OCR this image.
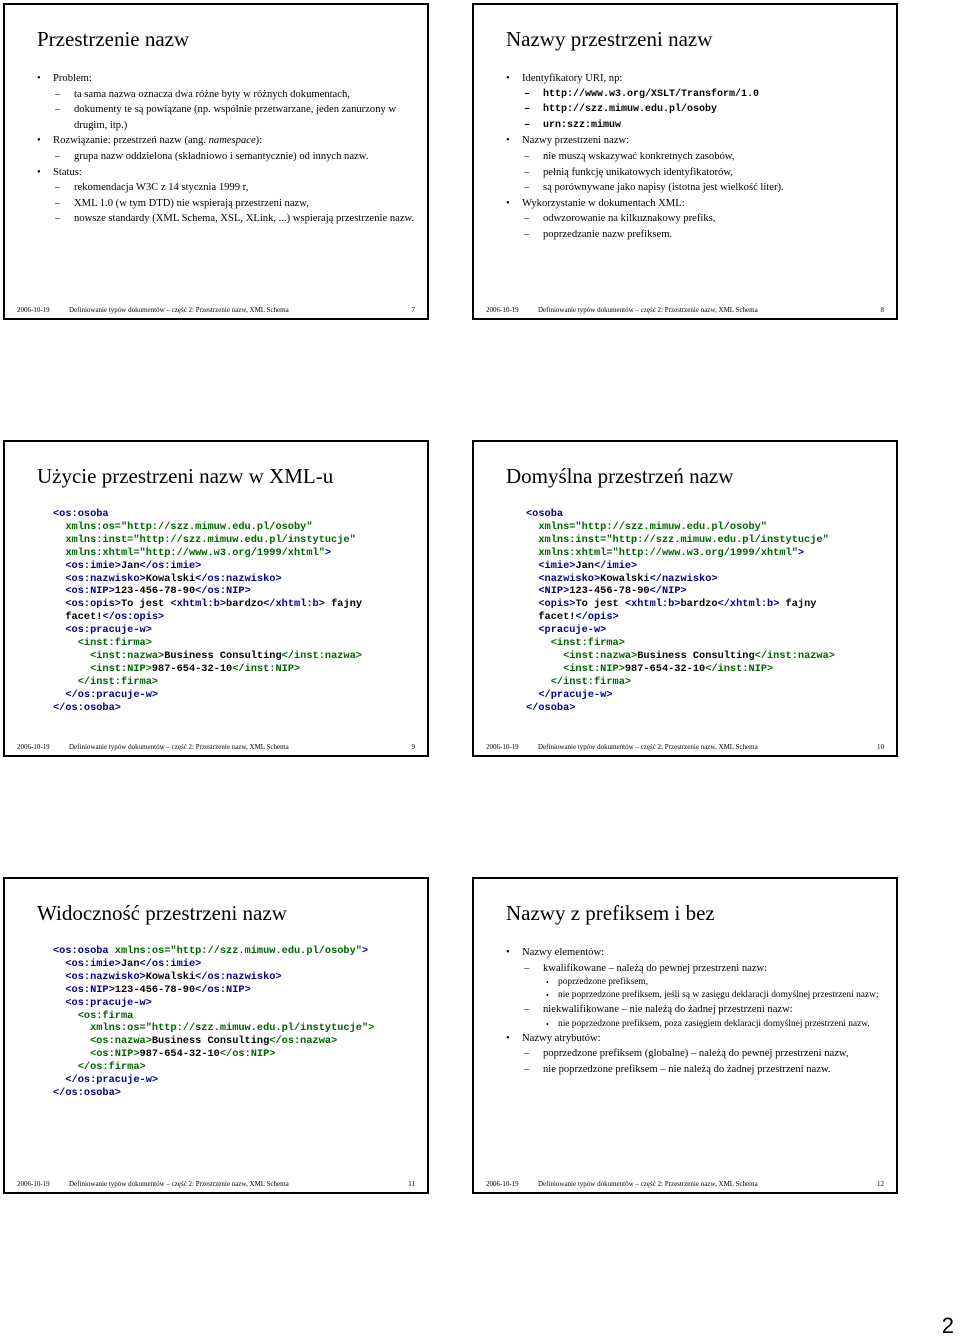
Przestrzenie nazw
• Problem:
– ta sama nazwa oznacza dwa różne byty w różnych dokumentach,
– dokumenty te są powiązane (np. wspólnie przetwarzane, jeden zanurzony w drugim, itp.)
• Rozwiązanie: przestrzeń nazw (ang. namespace):
– grupa nazw oddzielona (składniowo i semantycznie) od innych nazw.
• Status:
– rekomendacja W3C z 14 stycznia 1999 r,
– XML 1.0 (w tym DTD) nie wspierają przestrzeni nazw,
– nowsze standardy (XML Schema, XSL, XLink, ...) wspierają przestrzenie nazw.
2006-10-19	Definiowanie typów dokumentów – część 2: Przestrzenie nazw, XML Schema	7
Nazwy przestrzeni nazw
• Identyfikatory URI, np:
– http://www.w3.org/XSLT/Transform/1.0
– http://szz.mimuw.edu.pl/osoby
– urn:szz:mimuw
• Nazwy przestrzeni nazw:
– nie muszą wskazywać konkretnych zasobów,
– pełnią funkcję unikatowych identyfikatorów,
– są porównywane jako napisy (istotna jest wielkość liter).
• Wykorzystanie w dokumentach XML:
– odwzorowanie na kilkuznakowy prefiks,
– poprzedzanie nazw prefiksem.
2006-10-19	Definiowanie typów dokumentów – część 2: Przestrzenie nazw, XML Schema	8
Użycie przestrzeni nazw w XML-u
<os:osoba
xmlns:os="http://szz.mimuw.edu.pl/osoby"
xmlns:inst="http://szz.mimuw.edu.pl/instytucje"
xmlns:xhtml="http://www.w3.org/1999/xhtml">
<os:imie>Jan</os:imie>
<os:nazwisko>Kowalski</os:nazwisko>
<os:NIP>123-456-78-90</os:NIP>
<os:opis>To jest <xhtml:b>bardzo</xhtml:b> fajny
facet!</os:opis>
<os:pracuje-w>
<inst:firma>
<inst:nazwa>Business Consulting</inst:nazwa>
<inst:NIP>987-654-32-10</inst:NIP>
</inst:firma>
</os:pracuje-w>
</os:osoba>
2006-10-19	Definiowanie typów dokumentów – część 2: Przestrzenie nazw, XML Schema	9
Domyślna przestrzeń nazw
<osoba
xmlns="http://szz.mimuw.edu.pl/osoby"
xmlns:inst="http://szz.mimuw.edu.pl/instytucje"
xmlns:xhtml="http://www.w3.org/1999/xhtml">
<imie>Jan</imie>
<nazwisko>Kowalski</nazwisko>
<NIP>123-456-78-90</NIP>
<opis>To jest <xhtml:b>bardzo</xhtml:b> fajny
facet!</opis>
<pracuje-w>
<inst:firma>
<inst:nazwa>Business Consulting</inst:nazwa>
<inst:NIP>987-654-32-10</inst:NIP>
</inst:firma>
</pracuje-w>
</osoba>
2006-10-19	Definiowanie typów dokumentów – część 2: Przestrzenie nazw, XML Schema	10
Widoczność przestrzeni nazw
<os:osoba xmlns:os="http://szz.mimuw.edu.pl/osoby">
<os:imie>Jan</os:imie>
<os:nazwisko>Kowalski</os:nazwisko>
<os:NIP>123-456-78-90</os:NIP>
<os:pracuje-w>
<os:firma
xmlns:os="http://szz.mimuw.edu.pl/instytucje">
<os:nazwa>Business Consulting</os:nazwa>
<os:NIP>987-654-32-10</os:NIP>
</os:firma>
</os:pracuje-w>
</os:osoba>
2006-10-19	Definiowanie typów dokumentów – część 2: Przestrzenie nazw, XML Schema	11
Nazwy z prefiksem i bez
• Nazwy elementów:
– kwalifikowane – należą do pewnej przestrzeni nazw:
• poprzedzone prefiksem,
• nie poprzedzone prefiksem, jeśli są w zasięgu deklaracji domyślnej przestrzeni nazw;
– niekwalifikowane – nie należą do żadnej przestrzeni nazw:
• nie poprzedzone prefiksem, poza zasięgiem deklaracji domyślnej przestrzeni nazw.
• Nazwy atrybutów:
– poprzedzone prefiksem (globalne) – należą do pewnej przestrzeni nazw,
– nie poprzedzone prefiksem – nie należą do żadnej przestrzeni nazw.
2006-10-19	Definiowanie typów dokumentów – część 2: Przestrzenie nazw, XML Schema	12
2
